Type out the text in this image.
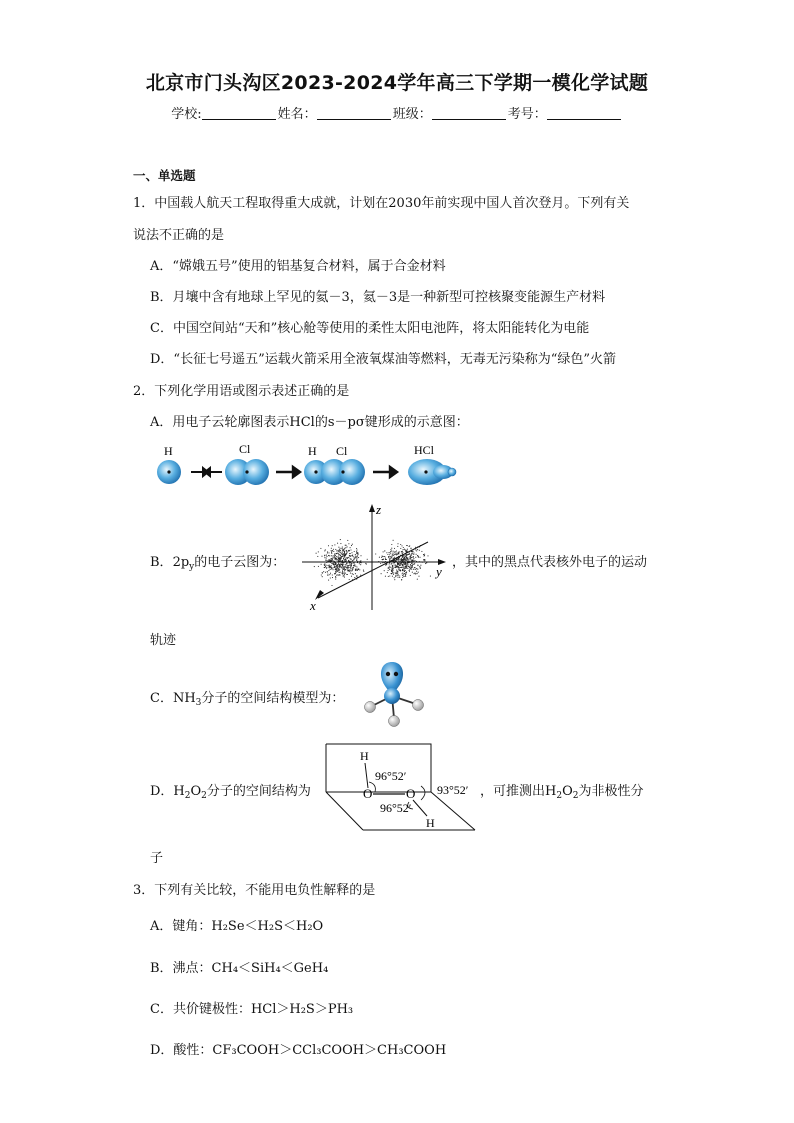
北京市门头沟区2023-2024学年高三下学期一模化学试题
学校:	姓名：	班级：	考号：
一、单选题
1．中国载人航天工程取得重大成就，计划在2030年前实现中国人首次登月。下列有关
说法不正确的是
A．“嫦娥五号”使用的铝基复合材料，属于合金材料
B．月壤中含有地球上罕见的氦－3，氦－3是一种新型可控核聚变能源生产材料
C．中国空间站“天和”核心舱等使用的柔性太阳电池阵，将太阳能转化为电能
D．“长征七号遥五”运载火箭采用全液氧煤油等燃料，无毒无污染称为“绿色”火箭
2．下列化学用语或图示表述正确的是
A．用电子云轮廓图表示HCl的s－pσ键形成的示意图：
H	Cl	H Cl	HCl
B．$2p_y$的电子云图为：
z
y
x
，其中的黑点代表核外电子的运动
轨迹
C．$NH_3$分子的空间结构模型为：
D．$H_2O_2$分子的空间结构为
H
96°52′
O	O 93°52′
96°52′
H
，可推测出$H_2O_2$为非极性分
子
3．下列有关比较，不能用电负性解释的是
A．键角：H₂Se＜H₂S＜H₂O
B．沸点：CH₄＜SiH₄＜GeH₄
C．共价键极性：HCl＞H₂S＞PH₃
D．酸性：CF₃COOH＞CCl₃COOH＞CH₃COOH
